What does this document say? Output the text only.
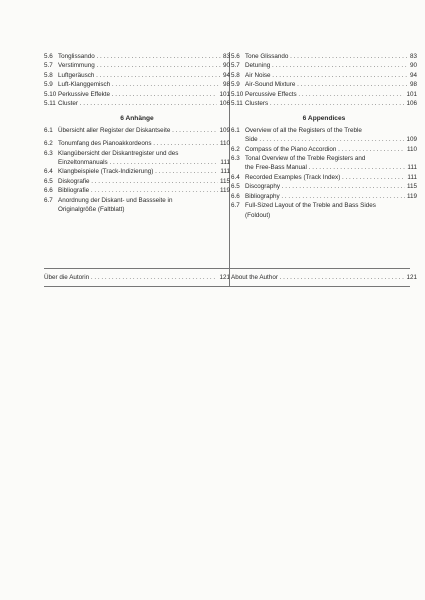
5.6 Tonglissando . . .	83
5.7 Verstimmung . . .	90
5.8 Luftgeräusch . . .	94
5.9 Luft-Klanggemisch . . .	98
5.10 Perkussive Effekte . . .	101
5.11 Cluster . . .	106
6 Anhänge
6.1 Übersicht aller Register der Diskantseite . . .	109
6.2 Tonumfang des Pianoakkordeons . . .	110
6.3 Klangübersicht der Diskantregister und des
Einzeltonmanuals . . .	111
6.4 Klangbeispiele (Track-Indizierung) . . .	111
6.5 Diskografie . . .	115
6.6 Bibliografie . . .	119
6.7 Anordnung der Diskant- und Bassseite in
Originalgröße (Faltblatt)
5.6 Tone Glissando . . .	83
5.7 Detuning . . .	90
5.8 Air Noise . . .	94
5.9 Air-Sound Mixture . . .	98
5.10 Percussive Effects . . .	101
5.11 Clusters . . .	106
6 Appendices
6.1 Overview of all the Registers of the Treble
Side . . .	109
6.2 Compass of the Piano Accordion . . .	110
6.3 Tonal Overview of the Treble Registers and
the Free-Bass Manual . . .	111
6.4 Recorded Examples (Track Index) . . .	111
6.5 Discography . . .	115
6.6 Bibliography . . .	119
6.7 Full-Sized Layout of the Treble and Bass Sides
(Foldout)
Über die Autorin . . .	121 About the Author . . .	121
